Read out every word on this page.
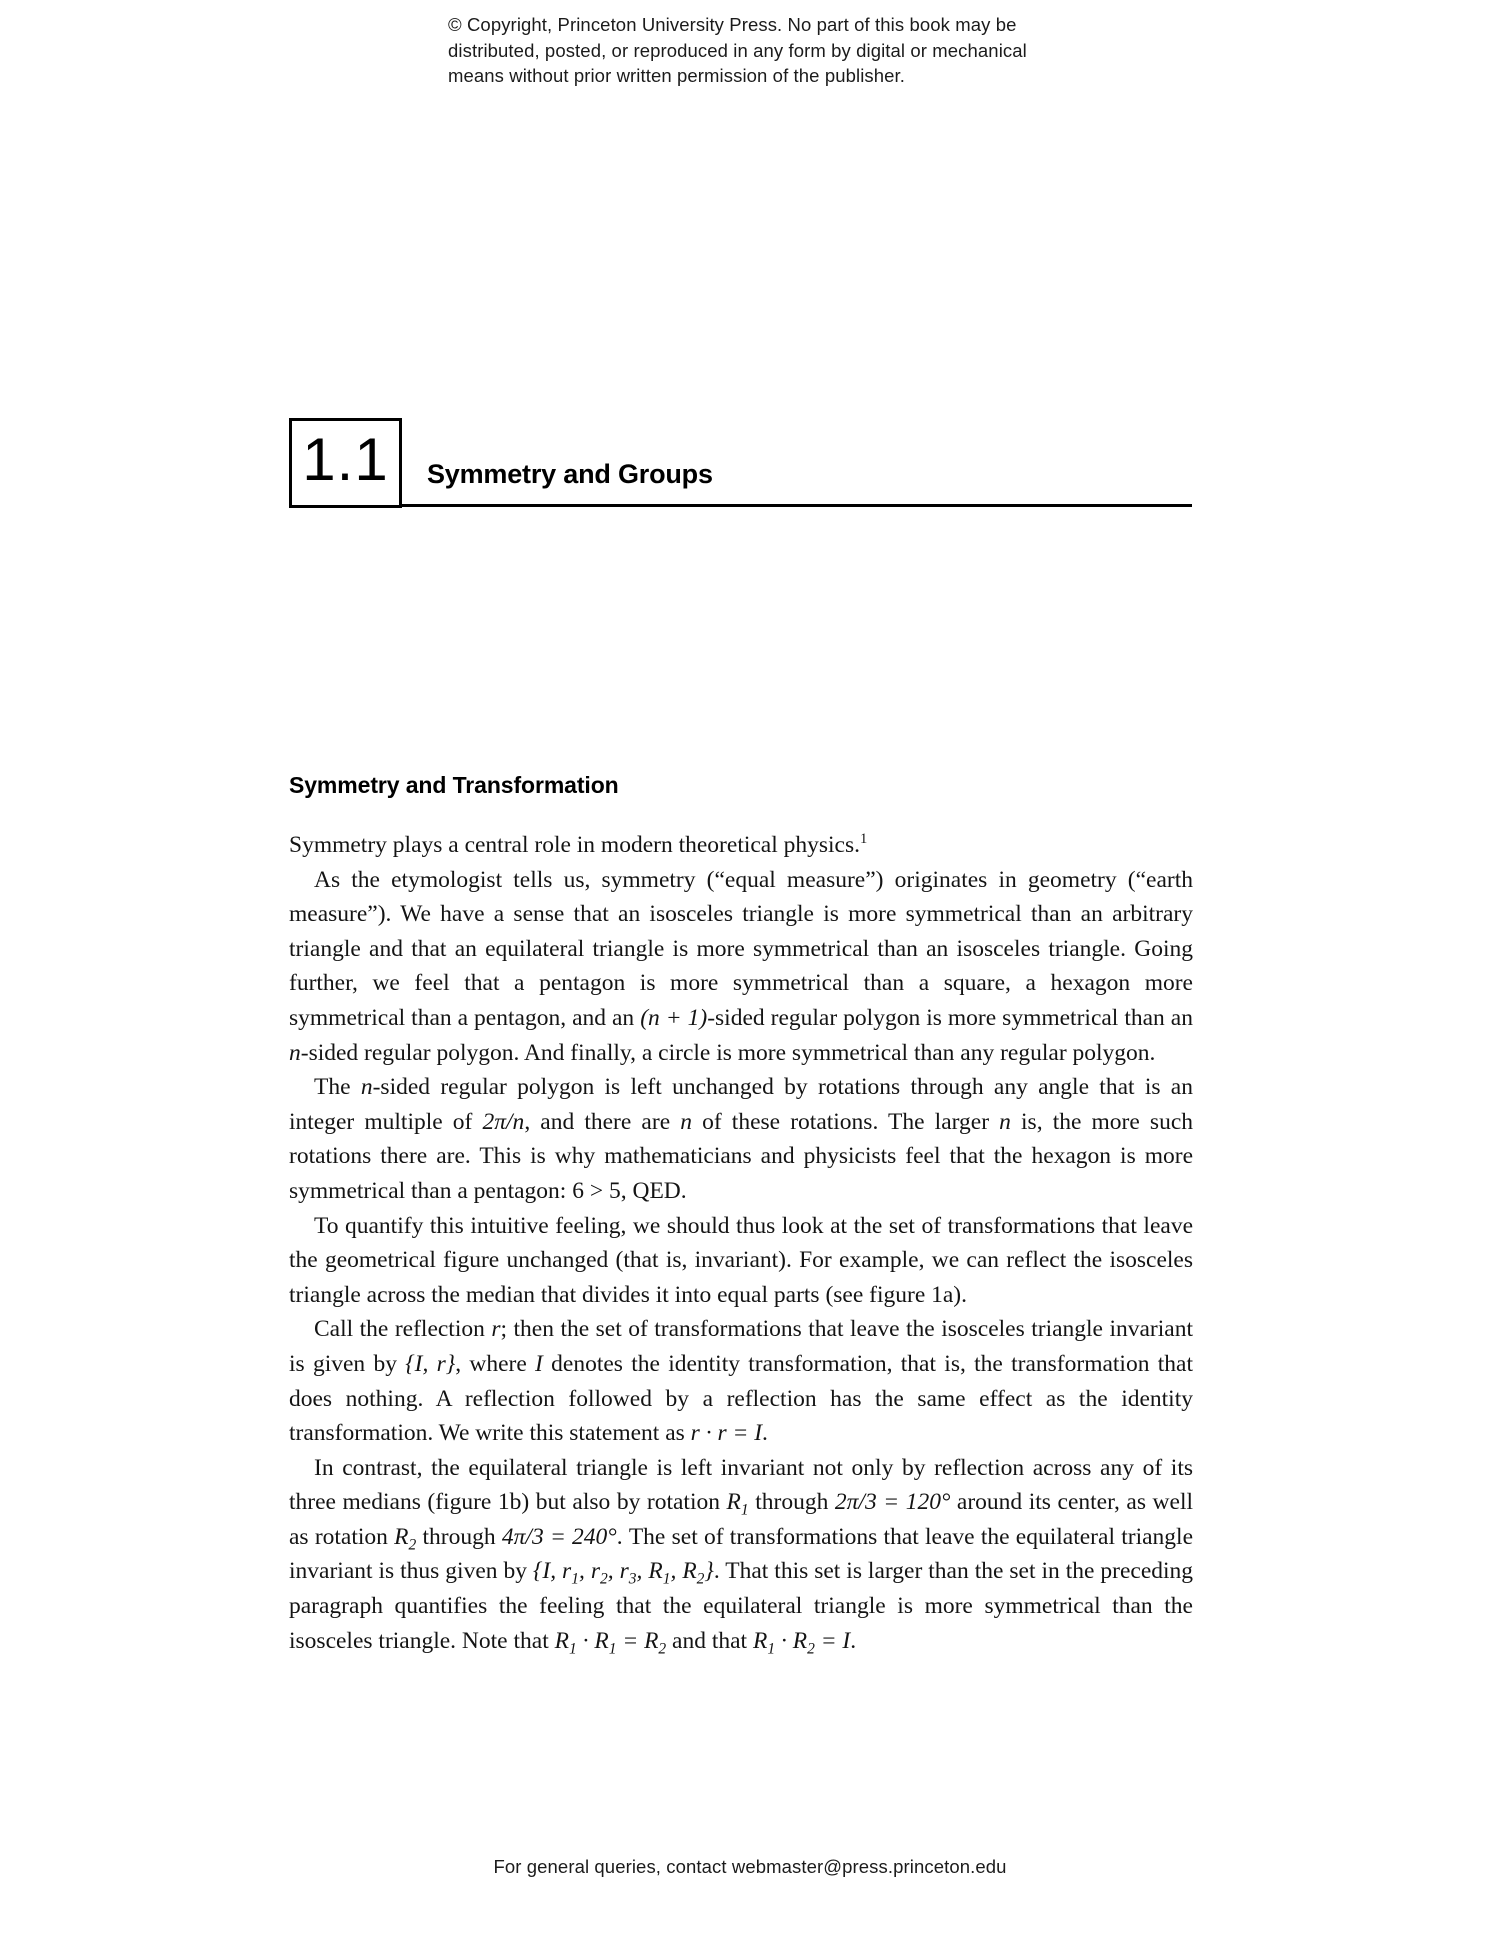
© Copyright, Princeton University Press. No part of this book may be
distributed, posted, or reproduced in any form by digital or mechanical
means without prior written permission of the publisher.
1.1 Symmetry and Groups
Symmetry and Transformation

Symmetry plays a central role in modern theoretical physics.$^1$

As the etymologist tells us, symmetry (“equal measure”) originates in geometry (“earth measure”). We have a sense that an isosceles triangle is more symmetrical than an arbitrary triangle and that an equilateral triangle is more symmetrical than an isosceles triangle. Going further, we feel that a pentagon is more symmetrical than a square, a hexagon more symmetrical than a pentagon, and an (n + 1)-sided regular polygon is more symmetrical than an n-sided regular polygon. And finally, a circle is more symmetrical than any regular polygon.

The n-sided regular polygon is left unchanged by rotations through any angle that is an integer multiple of 2π/n, and there are n of these rotations. The larger n is, the more such rotations there are. This is why mathematicians and physicists feel that the hexagon is more symmetrical than a pentagon: 6 > 5, QED.

To quantify this intuitive feeling, we should thus look at the set of transformations that leave the geometrical figure unchanged (that is, invariant). For example, we can reflect the isosceles triangle across the median that divides it into equal parts (see figure 1a).

Call the reflection r; then the set of transformations that leave the isosceles triangle invariant is given by {I, r}, where I denotes the identity transformation, that is, the transformation that does nothing. A reflection followed by a reflection has the same effect as the identity transformation. We write this statement as r · r = I.

In contrast, the equilateral triangle is left invariant not only by reflection across any of its three medians (figure 1b) but also by rotation $R_1$ through 2π/3 = 120° around its center, as well as rotation $R_2$ through 4π/3 = 240°. The set of transformations that leave the equilateral triangle invariant is thus given by {I, $r_1$, $r_2$, $r_3$, $R_1$, $R_2$}. That this set is larger than the set in the preceding paragraph quantifies the feeling that the equilateral triangle is more symmetrical than the isosceles triangle. Note that $R_1 \cdot R_1 = R_2$ and that $R_1 \cdot R_2 = I$.

For general queries, contact webmaster@press.princeton.edu
